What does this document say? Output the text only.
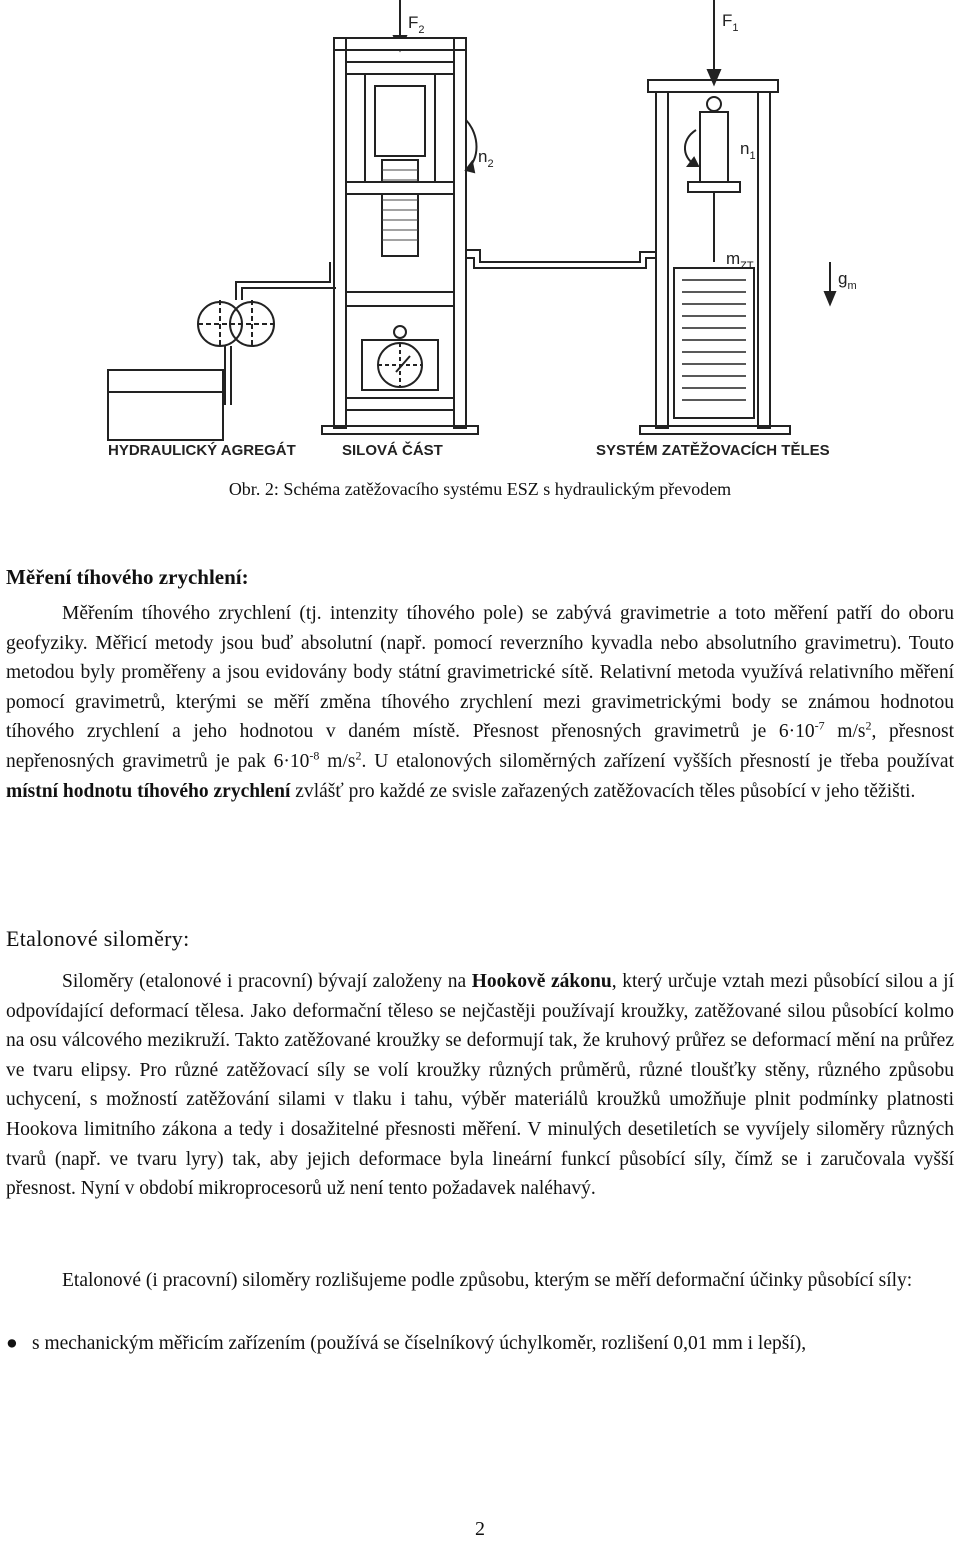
$F_2$	$F_1$
$n_2$
$n_1$
$m_{ZT}$
$g_m$
HYDRAULICKÝ AGREGÁT	SILOVÁ ČÁST	SYSTÉM ZATĚŽOVACÍCH TĚLES
Obr. 2: Schéma zatěžovacího systému ESZ s hydraulickým převodem
Měření tíhového zrychlení:

Měřením tíhového zrychlení (tj. intenzity tíhového pole) se zabývá gravimetrie a toto měření patří do oboru geofyziky. Měřicí metody jsou buď absolutní (např. pomocí reverzního kyvadla nebo absolutního gravimetru). Touto metodou byly proměřeny a jsou evidovány body státní gravimetrické sítě. Relativní metoda využívá relativního měření pomocí gravimetrů, kterými se měří změna tíhového zrychlení mezi gravimetrickými body se známou hodnotou tíhového zrychlení a jeho hodnotou v daném místě. Přesnost přenosných gravimetrů je $6\cdot 10^{-7}$ $m/s^2$, přesnost nepřenosných gravimetrů je pak $6\cdot 10^{-8}$ $m/s^2$. U etalonových siloměrných zařízení vyšších přesností je třeba používat místní hodnotu tíhového zrychlení zvlášť pro každé ze svisle zařazených zatěžovacích těles působící v jeho těžišti.

Etalonové siloměry:

Siloměry (etalonové i pracovní) bývají založeny na Hookově zákonu, který určuje vztah mezi působící silou a jí odpovídající deformací tělesa. Jako deformační těleso se nejčastěji používají kroužky, zatěžované silou působící kolmo na osu válcového mezikruží. Takto zatěžované kroužky se deformují tak, že kruhový průřez se deformací mění na průřez ve tvaru elipsy. Pro různé zatěžovací síly se volí kroužky různých průměrů, různé tloušťky stěny, různého způsobu uchycení, s možností zatěžování silami v tlaku i tahu, výběr materiálů kroužků umožňuje plnit podmínky platnosti Hookova limitního zákona a tedy i dosažitelné přesnosti měření. V minulých desetiletích se vyvíjely siloměry různých tvarů (např. ve tvaru lyry) tak, aby jejich deformace byla lineární funkcí působící síly, čímž se i zaručovala vyšší přesnost. Nyní v období mikroprocesorů už není tento požadavek naléhavý.

Etalonové (i pracovní) siloměry rozlišujeme podle způsobu, kterým se měří deformační účinky působící síly:

● s mechanickým měřicím zařízením (používá se číselníkový úchylkoměr, rozlišení 0,01 mm i lepší),
2
